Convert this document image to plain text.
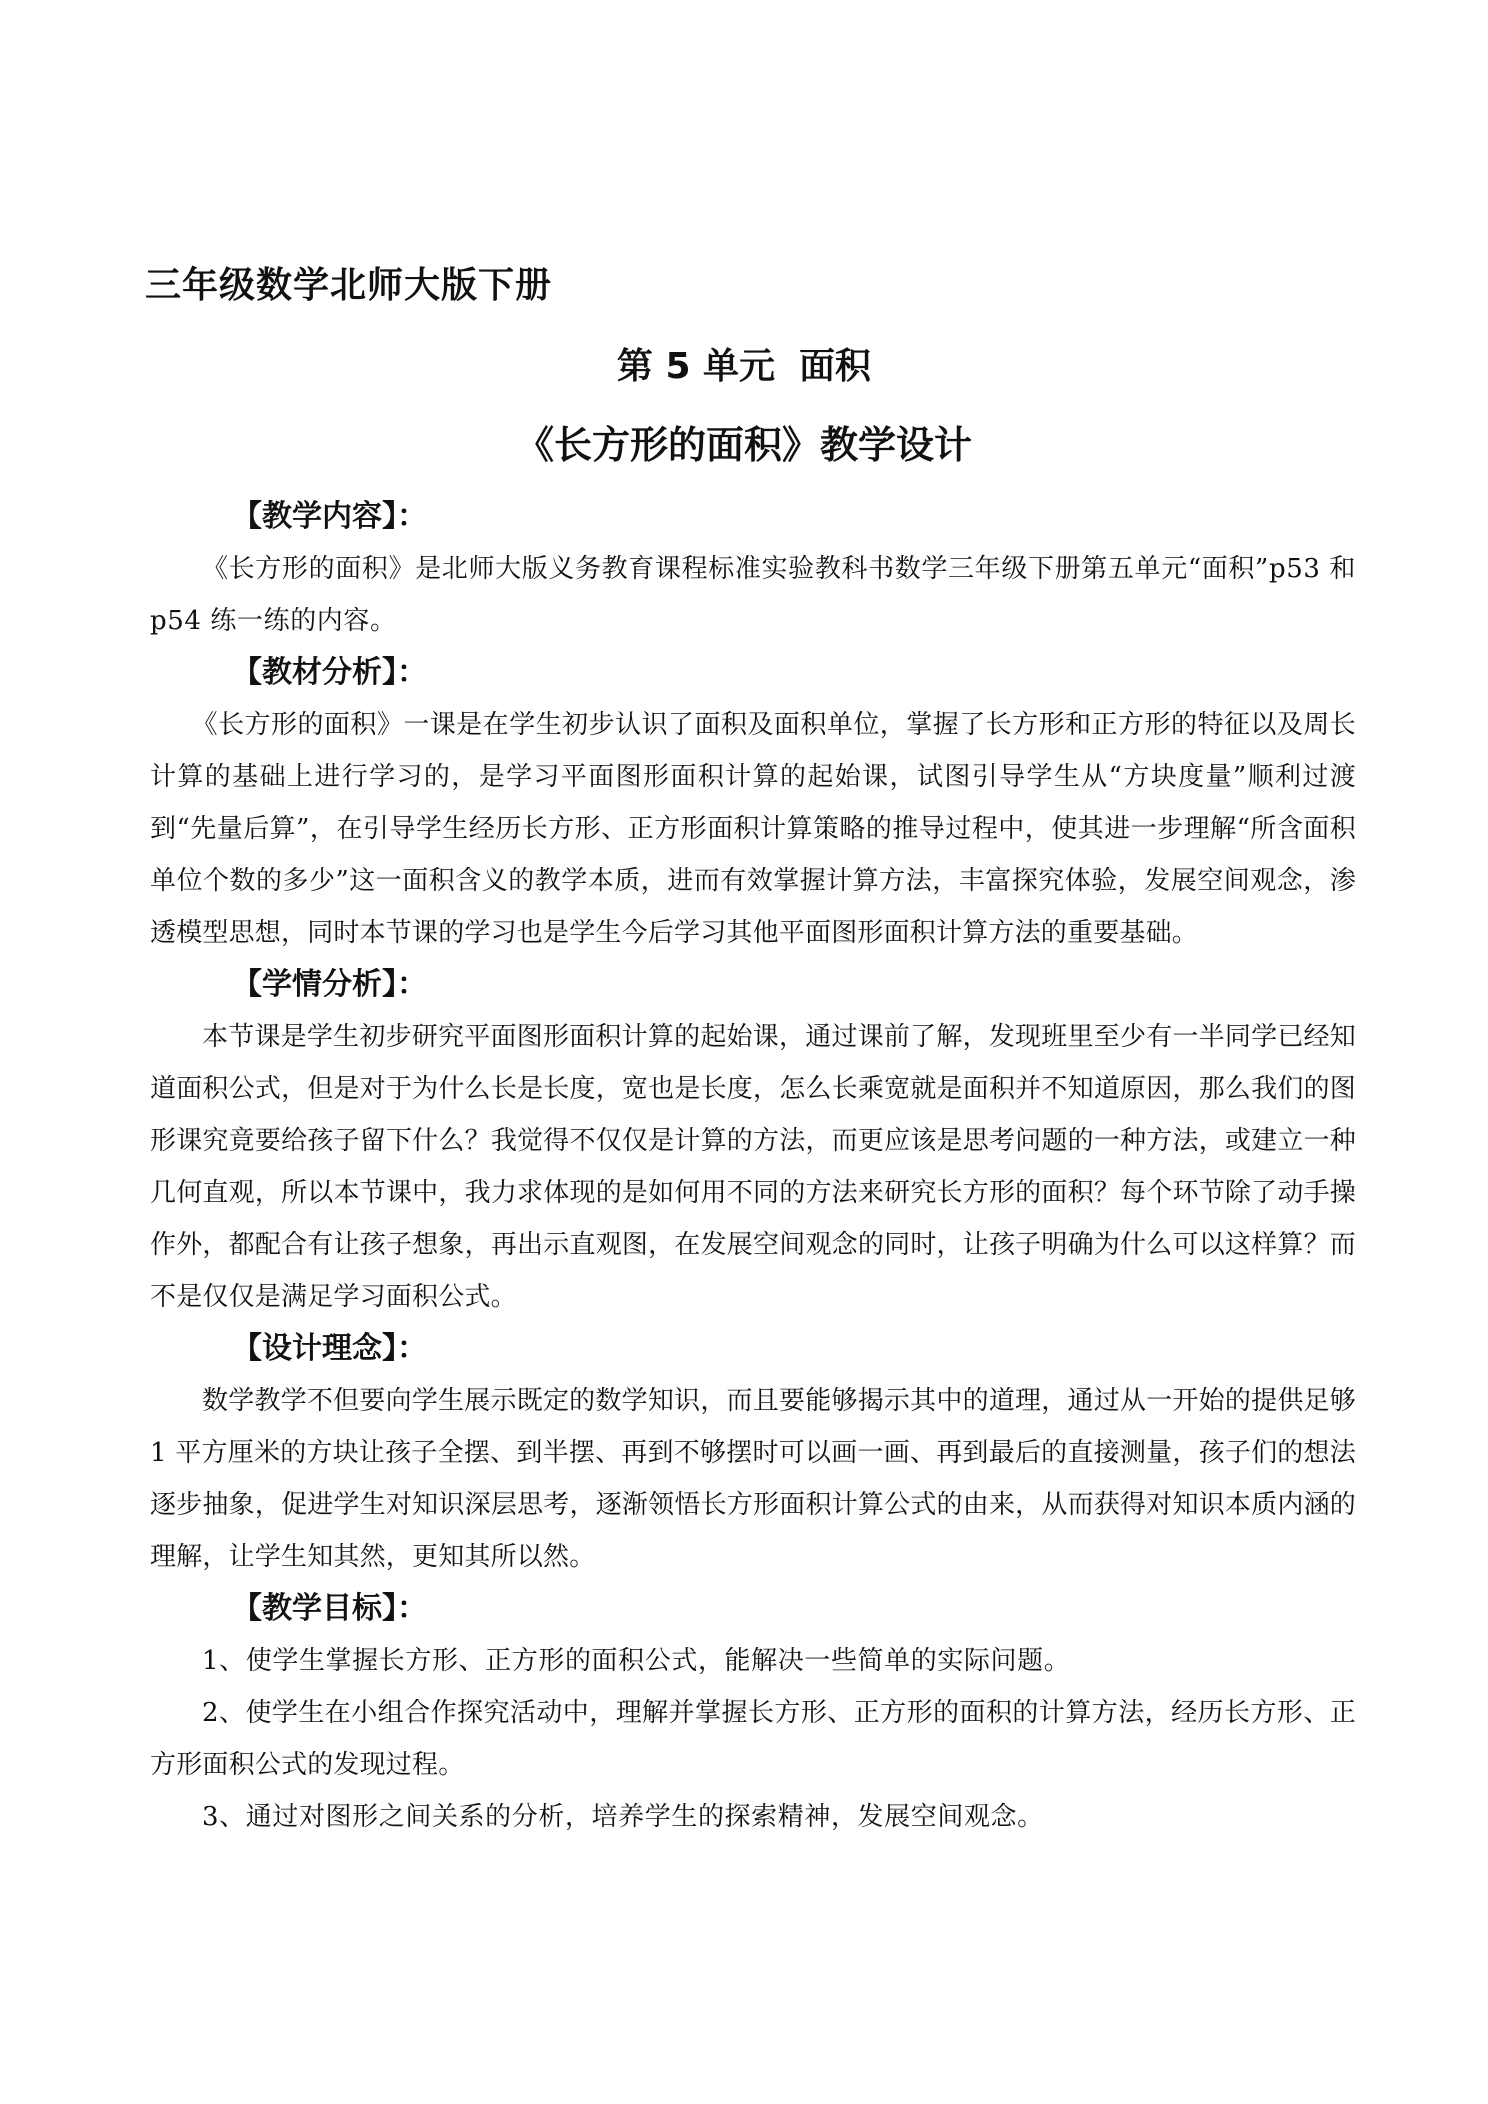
三年级数学北师大版下册
第 5 单元 面积
《长方形的面积》教学设计
【教学内容】：

《长方形的面积》是北师大版义务教育课程标准实验教科书数学三年级下册第五单元“面积”p53 和 p54 练一练的内容。

【教材分析】：

《长方形的面积》一课是在学生初步认识了面积及面积单位，掌握了长方形和正方形的特征以及周长计算的基础上进行学习的，是学习平面图形面积计算的起始课，试图引导学生从“方块度量”顺利过渡到“先量后算”，在引导学生经历长方形、正方形面积计算策略的推导过程中，使其进一步理解“所含面积单位个数的多少”这一面积含义的教学本质，进而有效掌握计算方法，丰富探究体验，发展空间观念，渗透模型思想，同时本节课的学习也是学生今后学习其他平面图形面积计算方法的重要基础。

【学情分析】：

本节课是学生初步研究平面图形面积计算的起始课，通过课前了解，发现班里至少有一半同学已经知道面积公式，但是对于为什么长是长度，宽也是长度，怎么长乘宽就是面积并不知道原因，那么我们的图形课究竟要给孩子留下什么？我觉得不仅仅是计算的方法，而更应该是思考问题的一种方法，或建立一种几何直观，所以本节课中，我力求体现的是如何用不同的方法来研究长方形的面积？每个环节除了动手操作外，都配合有让孩子想象，再出示直观图，在发展空间观念的同时，让孩子明确为什么可以这样算？而不是仅仅是满足学习面积公式。

【设计理念】：

数学教学不但要向学生展示既定的数学知识，而且要能够揭示其中的道理，通过从一开始的提供足够 1 平方厘米的方块让孩子全摆、到半摆、再到不够摆时可以画一画、再到最后的直接测量，孩子们的想法逐步抽象，促进学生对知识深层思考，逐渐领悟长方形面积计算公式的由来，从而获得对知识本质内涵的理解，让学生知其然，更知其所以然。

【教学目标】：

1、使学生掌握长方形、正方形的面积公式，能解决一些简单的实际问题。

2、使学生在小组合作探究活动中，理解并掌握长方形、正方形的面积的计算方法，经历长方形、正方形面积公式的发现过程。

3、通过对图形之间关系的分析，培养学生的探索精神，发展空间观念。
